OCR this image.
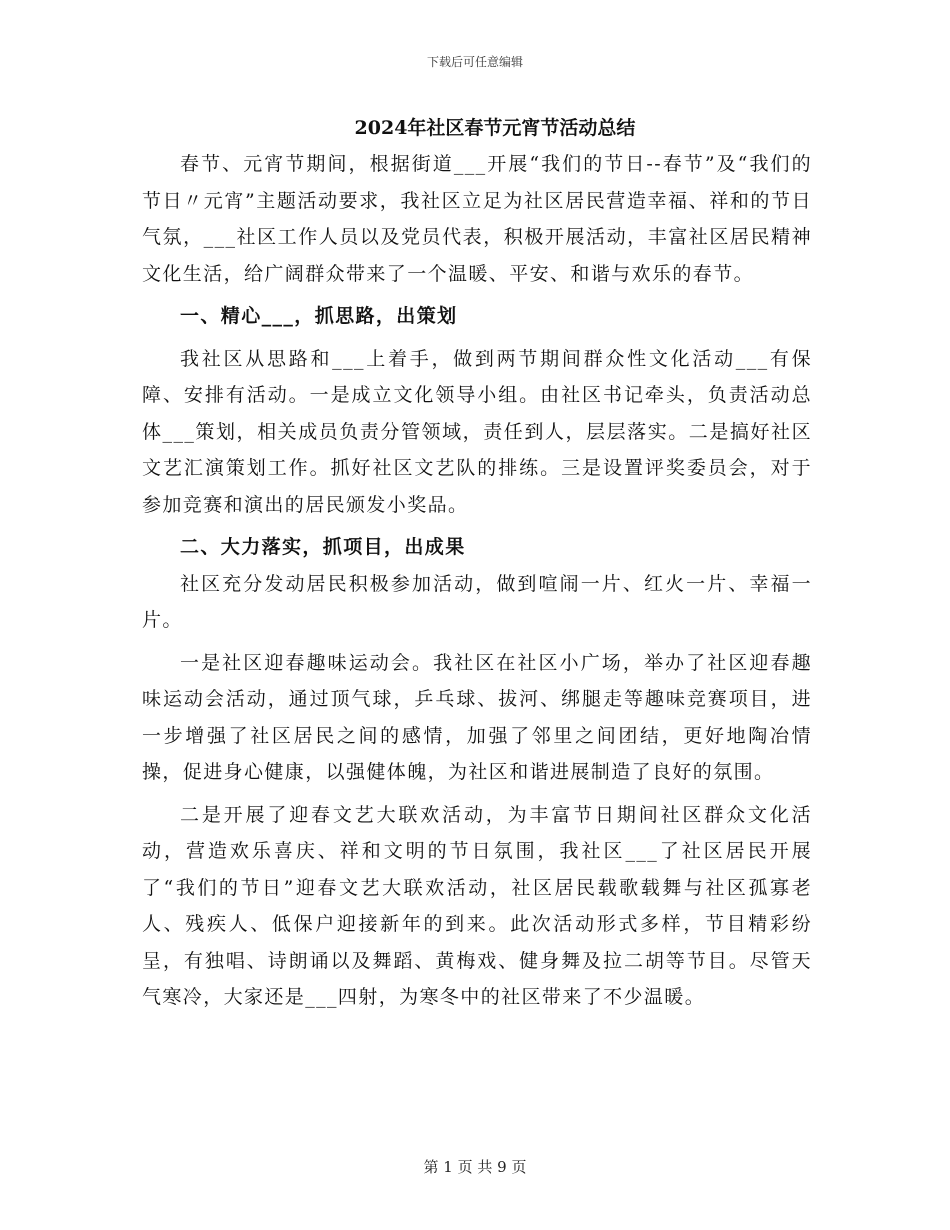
下载后可任意编辑
2024年社区春节元宵节活动总结

春节、元宵节期间，根据街道___开展“我们的节日--春节”及“我们的节日〃元宵”主题活动要求，我社区立足为社区居民营造幸福、祥和的节日气氛，___社区工作人员以及党员代表，积极开展活动，丰富社区居民精神文化生活，给广阔群众带来了一个温暖、平安、和谐与欢乐的春节。

一、精心___，抓思路，出策划

我社区从思路和___上着手，做到两节期间群众性文化活动___有保障、安排有活动。一是成立文化领导小组。由社区书记牵头，负责活动总体___策划，相关成员负责分管领域，责任到人，层层落实。二是搞好社区文艺汇演策划工作。抓好社区文艺队的排练。三是设置评奖委员会，对于参加竞赛和演出的居民颁发小奖品。

二、大力落实，抓项目，出成果

社区充分发动居民积极参加活动，做到喧闹一片、红火一片、幸福一片。

一是社区迎春趣味运动会。我社区在社区小广场，举办了社区迎春趣味运动会活动，通过顶气球，乒乓球、拔河、绑腿走等趣味竞赛项目，进一步增强了社区居民之间的感情，加强了邻里之间团结，更好地陶冶情操，促进身心健康，以强健体魄，为社区和谐进展制造了良好的氛围。

二是开展了迎春文艺大联欢活动，为丰富节日期间社区群众文化活动，营造欢乐喜庆、祥和文明的节日氛围，我社区___了社区居民开展了“我们的节日”迎春文艺大联欢活动，社区居民载歌载舞与社区孤寡老人、残疾人、低保户迎接新年的到来。此次活动形式多样，节目精彩纷呈，有独唱、诗朗诵以及舞蹈、黄梅戏、健身舞及拉二胡等节目。尽管天气寒冷，大家还是___四射，为寒冬中的社区带来了不少温暖。

第 1 页 共 9 页
